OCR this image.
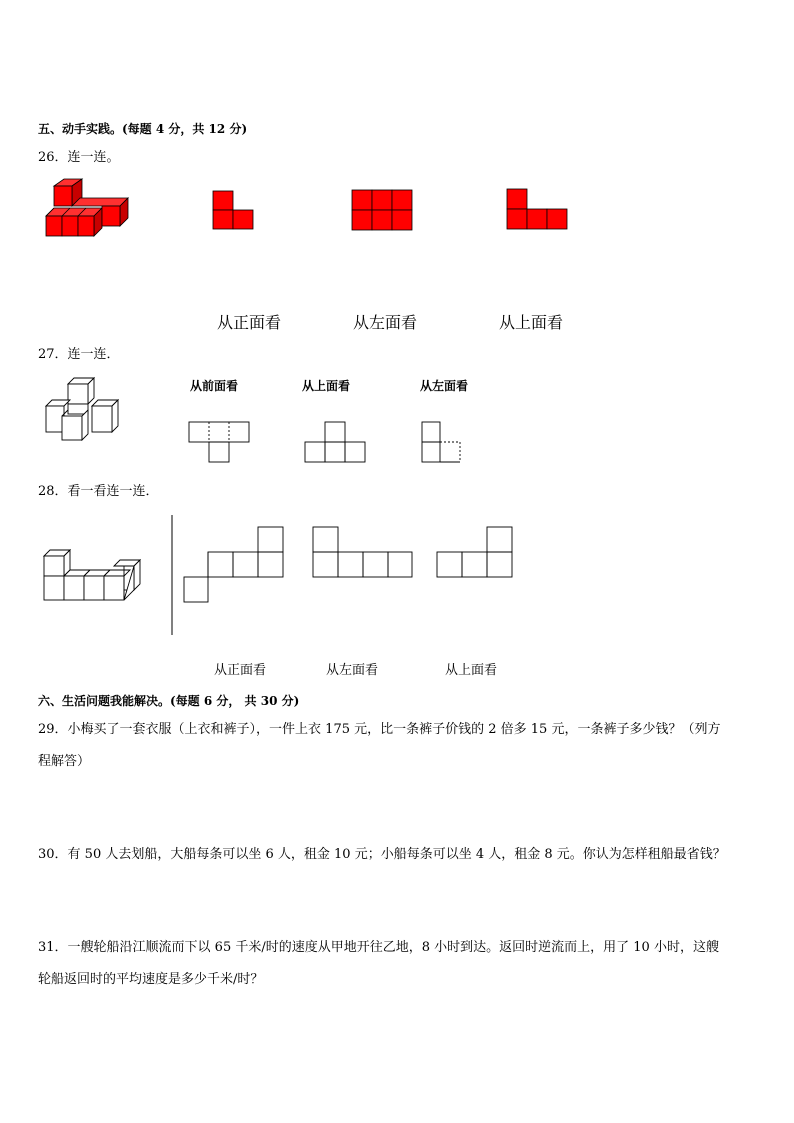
五、动手实践。(每题 4 分，共 12 分)
26．连一连。
从正面看	从左面看	从上面看
27．连一连．
从前面看	从上面看	从左面看
28．看一看连一连．
从正面看	从左面看	从上面看
六、生活问题我能解决。(每题 6 分， 共 30 分)
29．小梅买了一套衣服（上衣和裤子），一件上衣 175 元，比一条裤子价钱的 2 倍多 15 元，一条裤子多少钱？（列方
程解答）
30．有 50 人去划船，大船每条可以坐 6 人，租金 10 元；小船每条可以坐 4 人，租金 8 元。你认为怎样租船最省钱？
31．一艘轮船沿江顺流而下以 65 千米/时的速度从甲地开往乙地，8 小时到达。返回时逆流而上，用了 10 小时，这艘
轮船返回时的平均速度是多少千米/时？
